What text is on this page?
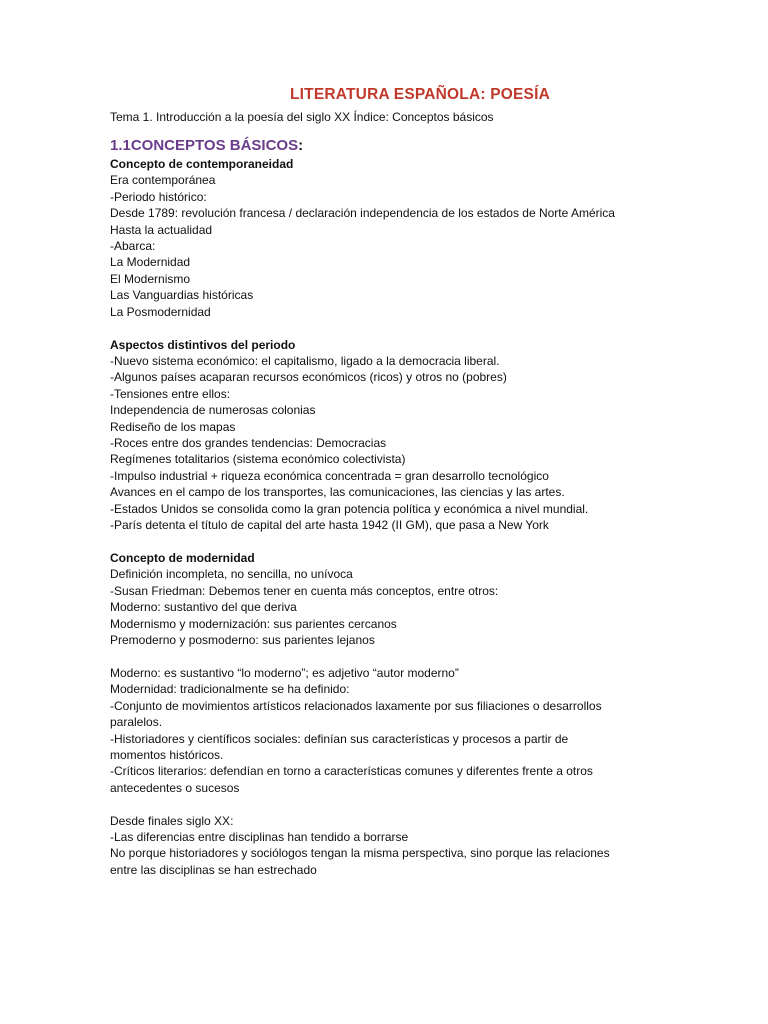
LITERATURA ESPAÑOLA: POESÍA
Tema 1. Introducción a la poesía del siglo XX Índice: Conceptos básicos
1.1CONCEPTOS BÁSICOS:
Concepto de contemporaneidad
Era contemporánea
-Periodo histórico:
Desde 1789: revolución francesa / declaración independencia de los estados de Norte América
Hasta la actualidad
-Abarca:
La Modernidad
El Modernismo
Las Vanguardias históricas
La Posmodernidad
Aspectos distintivos del periodo
-Nuevo sistema económico: el capitalismo, ligado a la democracia liberal.
-Algunos países acaparan recursos económicos (ricos) y otros no (pobres)
-Tensiones entre ellos:
Independencia de numerosas colonias
Rediseño de los mapas
-Roces entre dos grandes tendencias: Democracias
Regímenes totalitarios (sistema económico colectivista)
-Impulso industrial + riqueza económica concentrada = gran desarrollo tecnológico
Avances en el campo de los transportes, las comunicaciones, las ciencias y las artes.
-Estados Unidos se consolida como la gran potencia política y económica a nivel mundial.
-París detenta el título de capital del arte hasta 1942 (II GM), que pasa a New York
Concepto de modernidad
Definición incompleta, no sencilla, no unívoca
-Susan Friedman: Debemos tener en cuenta más conceptos, entre otros:
Moderno: sustantivo del que deriva
Modernismo y modernización: sus parientes cercanos
Premoderno y posmoderno: sus parientes lejanos
Moderno: es sustantivo “lo moderno”; es adjetivo “autor moderno”
Modernidad: tradicionalmente se ha definido:
-Conjunto de movimientos artísticos relacionados laxamente por sus filiaciones o desarrollos
paralelos.
-Historiadores y científicos sociales: definían sus características y procesos a partir de
momentos históricos.
-Críticos literarios: defendían en torno a características comunes y diferentes frente a otros
antecedentes o sucesos
Desde finales siglo XX:
-Las diferencias entre disciplinas han tendido a borrarse
No porque historiadores y sociólogos tengan la misma perspectiva, sino porque las relaciones
entre las disciplinas se han estrechado
